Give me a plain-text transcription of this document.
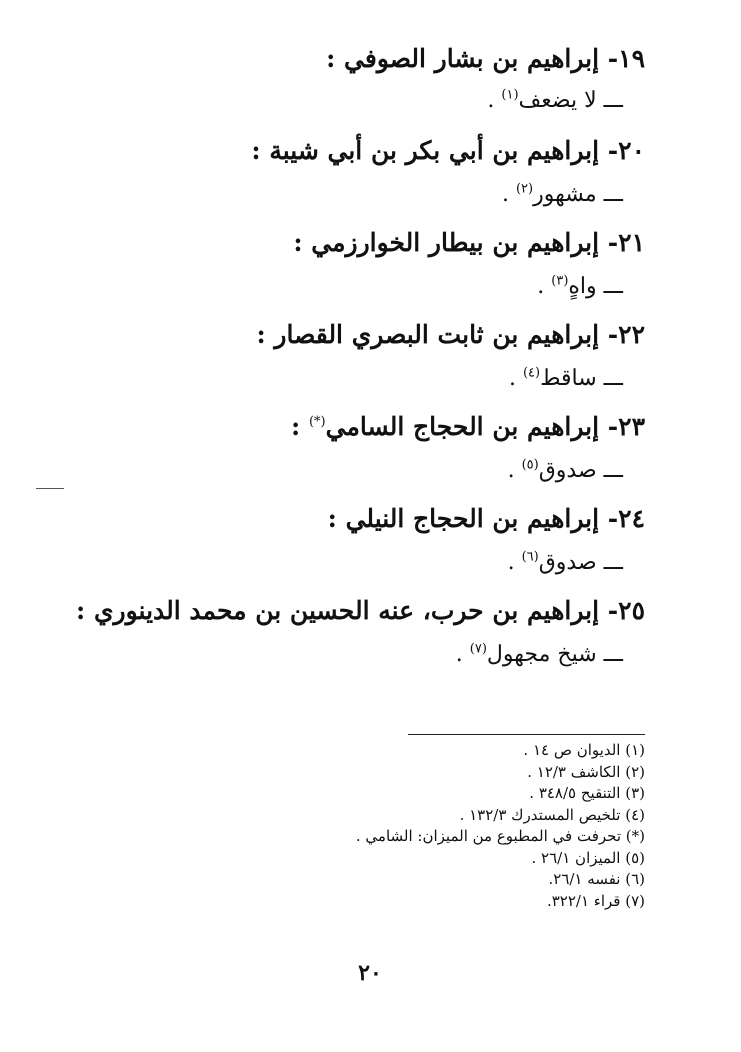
١٩- إبراهيم بن بشار الصوفي :
ـــ لا يضعف$^{(١)}$ .
٢٠- إبراهيم بن أبي بكر بن أبي شيبة :
ـــ مشهور$^{(٢)}$ .
٢١- إبراهيم بن بيطار الخوارزمي :
ـــ واهٍ$^{(٣)}$ .
٢٢- إبراهيم بن ثابت البصري القصار :
ـــ ساقط$^{(٤)}$ .
٢٣- إبراهيم بن الحجاج السامي(*) :
ـــ صدوق$^{(٥)}$ .
٢٤- إبراهيم بن الحجاج النيلي :
ـــ صدوق$^{(٦)}$ .
٢٥- إبراهيم بن حرب، عنه الحسين بن محمد الدينوري :
ـــ شيخ مجهول$^{(٧)}$ .
(١) الديوان ص ١٤ .
(٢) الكاشف ١٢/٣ .
(٣) التنقيح ٣٤٨/٥ .
(٤) تلخيص المستدرك ١٣٢/٣ .
(*) تحرفت في المطبوع من الميزان: الشامي .
(٥) الميزان ٢٦/١ .
(٦) نفسه ٢٦/١.
(٧) قراء ٣٢٢/١.
٢٠
